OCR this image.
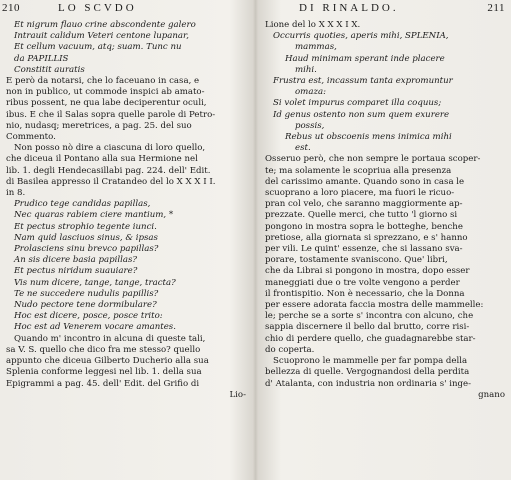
210	LO SCVDO
Et nigrum flauo crine abscondente galero
Intrauit calidum Veteri centone lupanar,
Et cellum vacuum, atq; suam. Tunc nu
da PAPILLIS
Constitit auratis
E però da notarsi, che lo faceuano in casa, e
non in publico, ut commode inspici ab amato-
ribus possent, ne qua labe deciperentur oculi,
ibus. E che il Salas sopra quelle parole di Petro-
nio, nudasq; meretrices, a pag. 25. del suo
Commento.
Non posso nò dire a ciascuna di loro quello,
che diceua il Pontano alla sua Hermione nel
lib. 1. degli Hendecasillabi pag. 224. dell' Edit.
di Basilea appresso il Cratandeo del lo X X X I I.
in 8.
Prudico tege candidas papillas,
Nec quaras rabiem ciere mantium, *
Et pectus strophio tegente iunci.
Nam quid lasciuos sinus, & ipsas
Prolasciens sinu brevco papillas?
An sis dicere basia papillas?
Et pectus niridum suauiare?
Vis num dicere, tange, tange, tracta?
Te ne succedere nudulis papillis?
Nudo pectore tene dormibulare?
Hoc est dicere, posce, posce trito:
Hoc est ad Venerem vocare amantes.
Quando m' incontro in alcuna di queste tali,
sa V. S. quello che dico fra me stesso? quello
appunto che diceua Gilberto Ducherio alla sua
Splenia conforme leggesi nel lib. 1. della sua
Epigrammi a pag. 45. dell' Edit. del Grifio di
Lio-
DI RINALDO.	211
Lione del lo X X X I X.
Occurris quoties, aperis mihi, SPLENIA,
mammas,
Haud minimam sperant inde placere
mihi.
Frustra est, incassum tanta expromuntur
omaza:
Si volet impurus comparet illa coquus;
Id genus ostento non sum quem exurere
possis,
Rebus ut obscoenis mens inimica mihi
est.
Osseruo però, che non sempre le portaua scoper-
te; ma solamente le scopriua alla presenza
del carissimo amante. Quando sono in casa le
scuoprano a loro piacere, ma fuori le ricuo-
pran col velo, che saranno maggiormente ap-
prezzate. Quelle merci, che tutto 'l giorno si
pongono in mostra sopra le botteghe, benche
pretiose, alla giornata si sprezzano, e s' hanno
per vili. Le quint' essenze, che si lassano sva-
porare, tostamente svaniscono. Que' libri,
che da Librai si pongono in mostra, dopo esser
maneggiati due o tre volte vengono a perder
il frontispitio. Non è necessario, che la Donna
per essere adorata faccia mostra delle mammelle:
le; perche se a sorte s' incontra con alcuno, che
sappia discernere il bello dal brutto, corre risi-
chio di perdere quello, che guadagnarebbe star-
do coperta.
Scuoprono le mammelle per far pompa della
bellezza di quelle. Vergognandosi della perdita
d' Atalanta, con industria non ordinaria s' inge-
gnano
